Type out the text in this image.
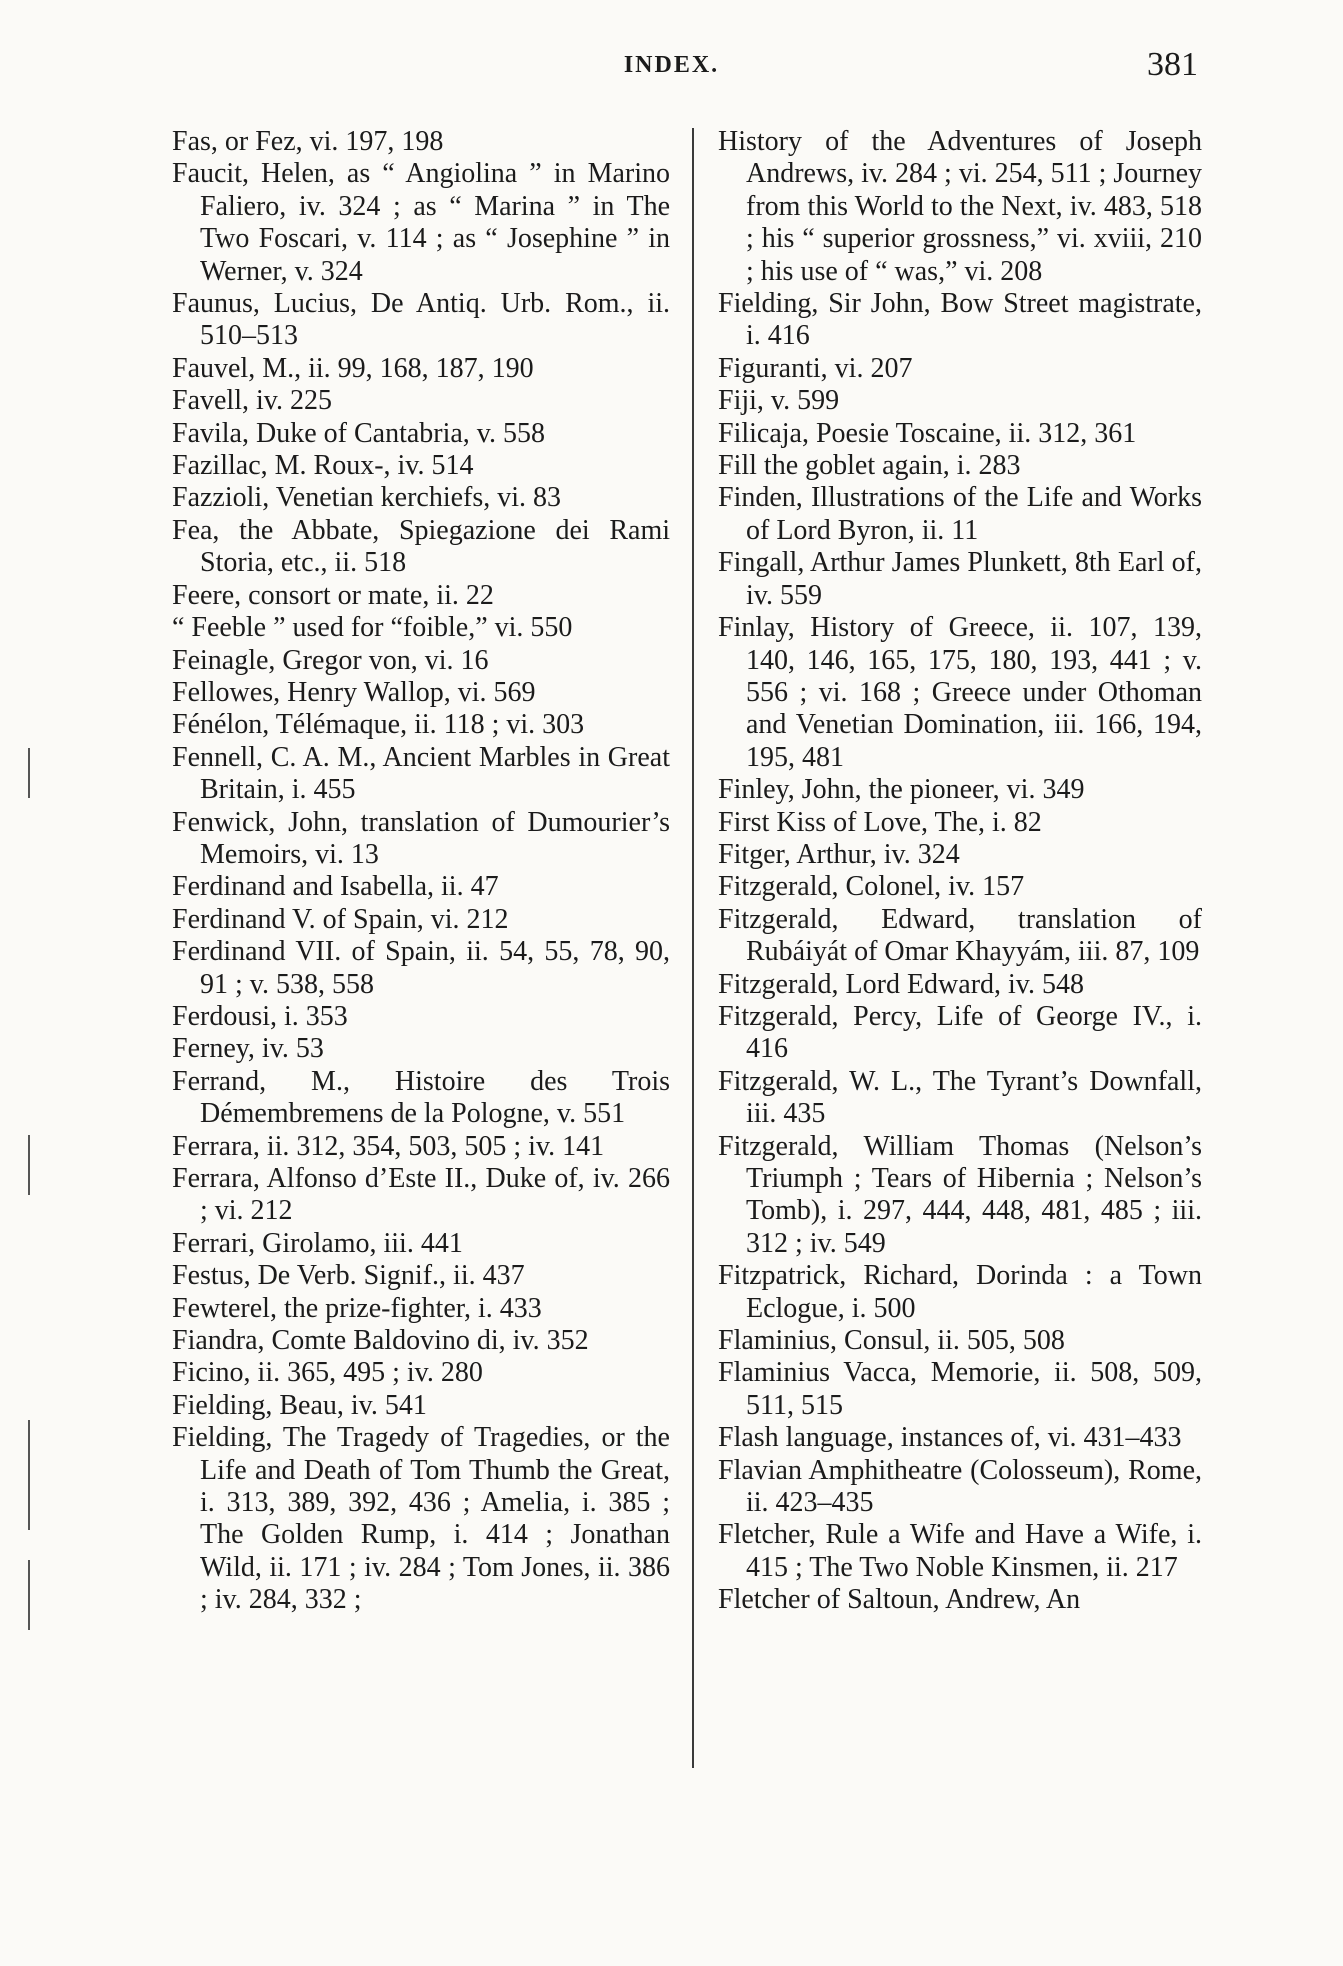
INDEX.	381

Fas, or Fez, vi. 197, 198

Faucit, Helen, as “ Angiolina ” in Marino Faliero, iv. 324 ; as “ Marina ” in The Two Foscari, v. 114 ; as “ Josephine ” in Werner, v. 324

Faunus, Lucius, De Antiq. Urb. Rom., ii. 510–513

Fauvel, M., ii. 99, 168, 187, 190

Favell, iv. 225

Favila, Duke of Cantabria, v. 558

Fazillac, M. Roux-, iv. 514

Fazzioli, Venetian kerchiefs, vi. 83

Fea, the Abbate, Spiegazione dei Rami Storia, etc., ii. 518

Feere, consort or mate, ii. 22

“ Feeble ” used for “foible,” vi. 550

Feinagle, Gregor von, vi. 16

Fellowes, Henry Wallop, vi. 569

Fénélon, Télémaque, ii. 118 ; vi. 303

Fennell, C. A. M., Ancient Marbles in Great Britain, i. 455

Fenwick, John, translation of Dumourier’s Memoirs, vi. 13

Ferdinand and Isabella, ii. 47

Ferdinand V. of Spain, vi. 212

Ferdinand VII. of Spain, ii. 54, 55, 78, 90, 91 ; v. 538, 558

Ferdousi, i. 353

Ferney, iv. 53

Ferrand, M., Histoire des Trois Démembremens de la Pologne, v. 551

Ferrara, ii. 312, 354, 503, 505 ; iv. 141

Ferrara, Alfonso d’Este II., Duke of, iv. 266 ; vi. 212

Ferrari, Girolamo, iii. 441

Festus, De Verb. Signif., ii. 437

Fewterel, the prize-fighter, i. 433

Fiandra, Comte Baldovino di, iv. 352

Ficino, ii. 365, 495 ; iv. 280

Fielding, Beau, iv. 541

Fielding, The Tragedy of Tragedies, or the Life and Death of Tom Thumb the Great, i. 313, 389, 392, 436 ; Amelia, i. 385 ; The Golden Rump, i. 414 ; Jonathan Wild, ii. 171 ; iv. 284 ; Tom Jones, ii. 386 ; iv. 284, 332 ;

History of the Adventures of Joseph Andrews, iv. 284 ; vi. 254, 511 ; Journey from this World to the Next, iv. 483, 518 ; his “ superior grossness,” vi. xviii, 210 ; his use of “ was,” vi. 208

Fielding, Sir John, Bow Street magistrate, i. 416

Figuranti, vi. 207

Fiji, v. 599

Filicaja, Poesie Toscaine, ii. 312, 361

Fill the goblet again, i. 283

Finden, Illustrations of the Life and Works of Lord Byron, ii. 11

Fingall, Arthur James Plunkett, 8th Earl of, iv. 559

Finlay, History of Greece, ii. 107, 139, 140, 146, 165, 175, 180, 193, 441 ; v. 556 ; vi. 168 ; Greece under Othoman and Venetian Domination, iii. 166, 194, 195, 481

Finley, John, the pioneer, vi. 349

First Kiss of Love, The, i. 82

Fitger, Arthur, iv. 324

Fitzgerald, Colonel, iv. 157

Fitzgerald, Edward, translation of Rubáiyát of Omar Khayyám, iii. 87, 109

Fitzgerald, Lord Edward, iv. 548

Fitzgerald, Percy, Life of George IV., i. 416

Fitzgerald, W. L., The Tyrant’s Downfall, iii. 435

Fitzgerald, William Thomas (Nelson’s Triumph ; Tears of Hibernia ; Nelson’s Tomb), i. 297, 444, 448, 481, 485 ; iii. 312 ; iv. 549

Fitzpatrick, Richard, Dorinda : a Town Eclogue, i. 500

Flaminius, Consul, ii. 505, 508

Flaminius Vacca, Memorie, ii. 508, 509, 511, 515

Flash language, instances of, vi. 431–433

Flavian Amphitheatre (Colosseum), Rome, ii. 423–435

Fletcher, Rule a Wife and Have a Wife, i. 415 ; The Two Noble Kinsmen, ii. 217

Fletcher of Saltoun, Andrew, An
